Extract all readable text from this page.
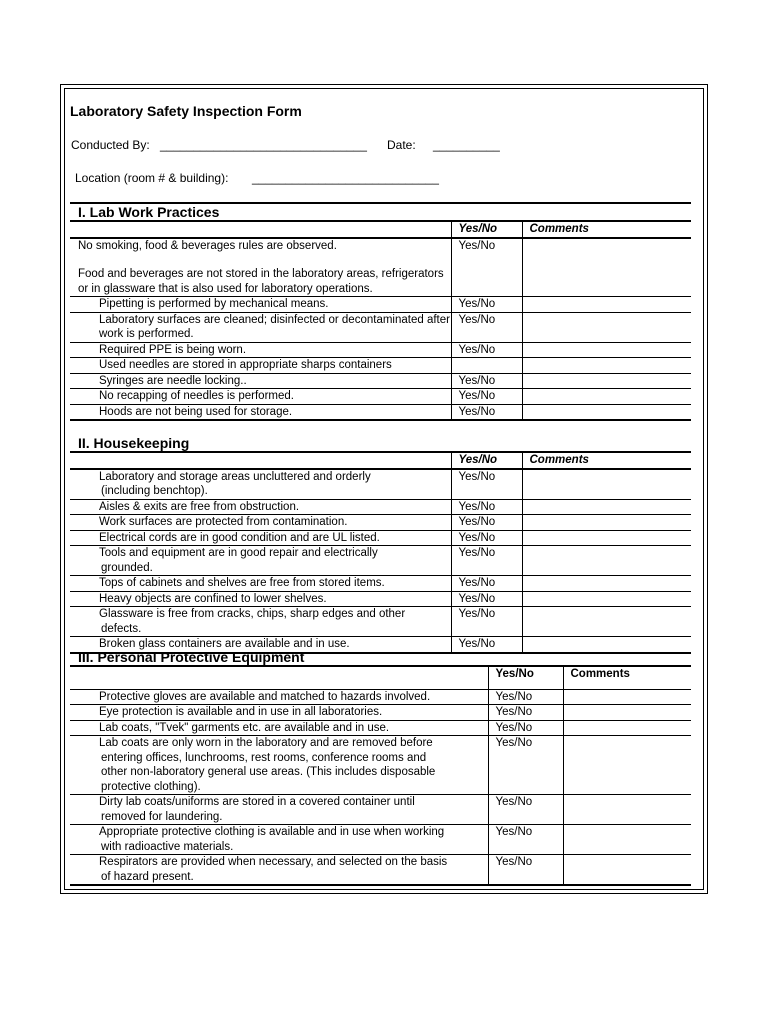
Laboratory Safety Inspection Form
Conducted By: _______________________________ Date: __________
Location (room # & building): ____________________________
I. Lab Work Practices
	Yes/No	Comments

No smoking, food & beverages rules are observed.
Food and beverages are not stored in the laboratory areas, refrigerators or in glassware that is also used for laboratory operations.	Yes/No	
Pipetting is performed by mechanical means.	Yes/No	
Laboratory surfaces are cleaned; disinfected or decontaminated after work is performed.	Yes/No	
Required PPE is being worn.	Yes/No	
Used needles are stored in appropriate sharps containers		
Syringes are needle locking..	Yes/No	
No recapping of needles is performed.	Yes/No	
Hoods are not being used for storage.	Yes/No	
II. Housekeeping
	Yes/No	Comments

Laboratory and storage areas uncluttered and orderly
(including benchtop).	Yes/No	
Aisles & exits are free from obstruction.	Yes/No	
Work surfaces are protected from contamination.	Yes/No	
Electrical cords are in good condition and are UL listed.	Yes/No	

Tools and equipment are in good repair and electrically
grounded.	Yes/No	
Tops of cabinets and shelves are free from stored items.	Yes/No	
Heavy objects are confined to lower shelves.	Yes/No	

Glassware is free from cracks, chips, sharp edges and other
defects.	Yes/No	
Broken glass containers are available and in use.	Yes/No	
III. Personal Protective Equipment
	Yes/No	Comments
Protective gloves are available and matched to hazards involved.	Yes/No	
Eye protection is available and in use in all laboratories.	Yes/No	
Lab coats, "Tvek" garments etc. are available and in use.	Yes/No	

Lab coats are only worn in the laboratory and are removed before
entering offices, lunchrooms, rest rooms, conference rooms and
other non-laboratory general use areas. (This includes disposable
protective clothing).	Yes/No	

Dirty lab coats/uniforms are stored in a covered container until
removed for laundering.	Yes/No	

Appropriate protective clothing is available and in use when working
with radioactive materials.	Yes/No	

Respirators are provided when necessary, and selected on the basis
of hazard present.	Yes/No	
